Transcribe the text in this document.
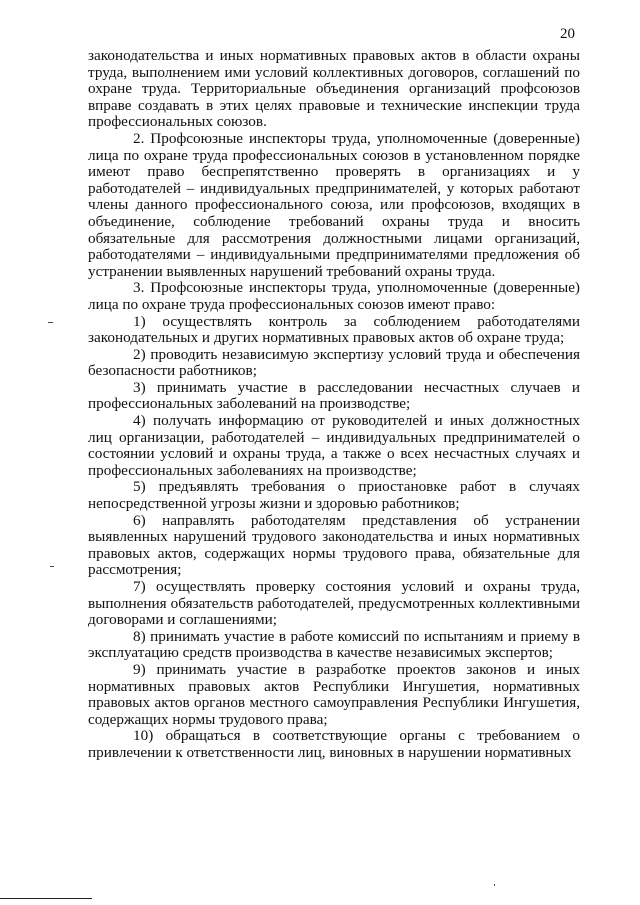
20

законодательства и иных нормативных правовых актов в области охраны труда, выполнением ими условий коллективных договоров, соглашений по охране труда. Территориальные объединения организаций профсоюзов вправе создавать в этих целях правовые и технические инспекции труда профессиональных союзов.

2. Профсоюзные инспекторы труда, уполномоченные (доверенные) лица по охране труда профессиональных союзов в установленном порядке имеют право беспрепятственно проверять в организациях и у работодателей – индивидуальных предпринимателей, у которых работают члены данного профессионального союза, или профсоюзов, входящих в объединение, соблюдение требований охраны труда и вносить обязательные для рассмотрения должностными лицами организаций, работодателями – индивидуальными предпринимателями предложения об устранении выявленных нарушений требований охраны труда.

3. Профсоюзные инспекторы труда, уполномоченные (доверенные) лица по охране труда профессиональных союзов имеют право:

1) осуществлять контроль за соблюдением работодателями законодательных и других нормативных правовых актов об охране труда;

2) проводить независимую экспертизу условий труда и обеспечения безопасности работников;

3) принимать участие в расследовании несчастных случаев и профессиональных заболеваний на производстве;

4) получать информацию от руководителей и иных должностных лиц организации, работодателей – индивидуальных предпринимателей о состоянии условий и охраны труда, а также о всех несчастных случаях и профессиональных заболеваниях на производстве;

5) предъявлять требования о приостановке работ в случаях непосредственной угрозы жизни и здоровью работников;

6) направлять работодателям представления об устранении выявленных нарушений трудового законодательства и иных нормативных правовых актов, содержащих нормы трудового права, обязательные для рассмотрения;

7) осуществлять проверку состояния условий и охраны труда, выполнения обязательств работодателей, предусмотренных коллективными договорами и соглашениями;

8) принимать участие в работе комиссий по испытаниям и приему в эксплуатацию средств производства в качестве независимых экспертов;

9) принимать участие в разработке проектов законов и иных нормативных правовых актов Республики Ингушетия, нормативных правовых актов органов местного самоуправления Республики Ингушетия, содержащих нормы трудового права;

10) обращаться в соответствующие органы с требованием о привлечении к ответственности лиц, виновных в нарушении нормативных
